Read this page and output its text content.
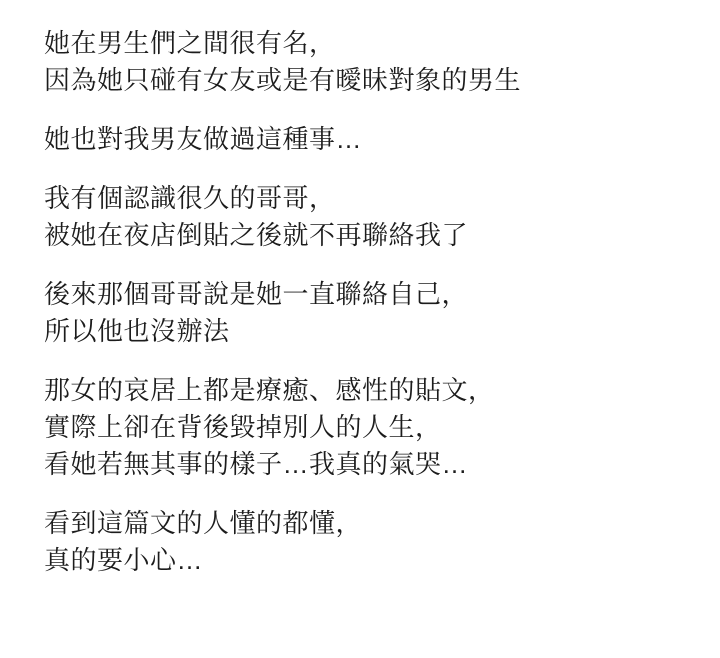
她在男生們之間很有名，
因為她只碰有女友或是有曖昧對象的男生
她也對我男友做過這種事…
我有個認識很久的哥哥，
被她在夜店倒貼之後就不再聯絡我了
後來那個哥哥說是她一直聯絡自己，
所以他也沒辦法
那女的哀居上都是療癒、感性的貼文，
實際上卻在背後毀掉別人的人生，
看她若無其事的樣子…我真的氣哭…
看到這篇文的人懂的都懂，
真的要小心…
